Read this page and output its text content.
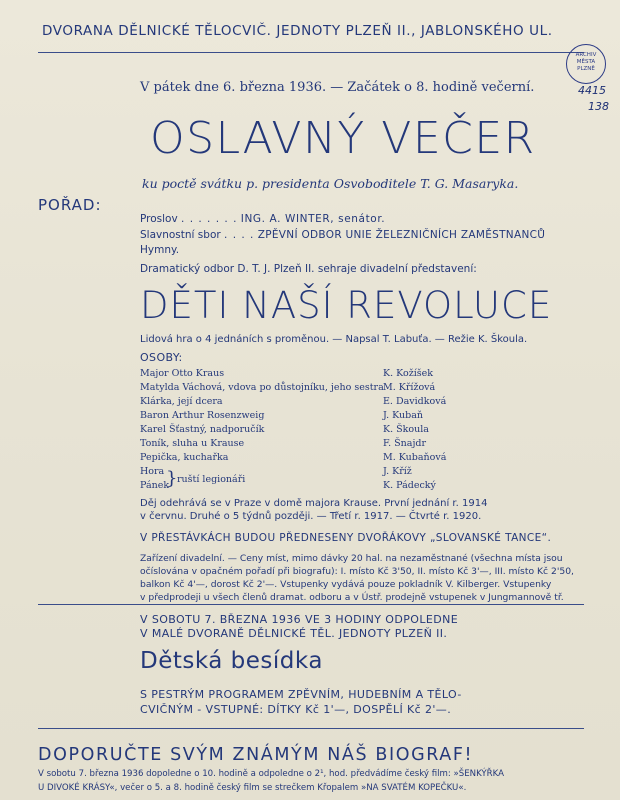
DVORANA DĚLNICKÉ TĚLOCVIČ. JEDNOTY PLZEŇ II., JABLONSKÉHO UL.
ARCHIV
MĚSTA
PLZNĚ
4415
138
V pátek dne 6. března 1936. — Začátek o 8. hodině večerní.
OSLAVNÝ VEČER
ku poctě svátku p. presidenta Osvoboditele T. G. Masaryka.
POŘAD:
Proslov . . . . . . . ING. A. WINTER, senátor.
Slavnostní sbor . . . . ZPĚVNÍ ODBOR UNIE ŽELEZNIČNÍCH ZAMĚSTNANCŮ
Hymny.
Dramatický odbor D. T. J. Plzeň II. sehraje divadelní představení:
DĚTI NAŠÍ REVOLUCE
Lidová hra o 4 jednáních s proměnou. — Napsal T. Labuťa. — Režie K. Škoula.
OSOBY:
Major Otto Kraus	K. Kožíšek
Matylda Váchová, vdova po důstojníku, jeho sestra M. Křížová
Klárka, její dcera	E. Davidková
Baron Arthur Rosenzweig	J. Kubaň
Karel Šťastný, nadporučík	K. Škoula
Toník, sluha u Krause	F. Šnajdr
Pepička, kuchařka	M. Kubaňová
Hora	J. Kříž
Pánek	K. Pádecký
} ruští legionáři
Děj odehrává se v Praze v domě majora Krause. První jednání r. 1914
v červnu. Druhé o 5 týdnů později. — Třetí r. 1917. — Čtvrté r. 1920.
V PŘESTÁVKÁCH BUDOU PŘEDNESENY DVOŘÁKOVY „SLOVANSKÉ TANCE“.
Zařízení divadelní. — Ceny míst, mimo dávky 20 hal. na nezaměstnané (všechna místa jsou
očíslována v opačném pořadí při biografu): I. místo Kč 3'50, II. místo Kč 3'—, III. místo Kč 2'50,
balkon Kč 4'—, dorost Kč 2'—. Vstupenky vydává pouze pokladník V. Kilberger. Vstupenky
v předprodeji u všech členů dramat. odboru a v Ústř. prodejně vstupenek v Jungmannově tř.
V SOBOTU 7. BŘEZNA 1936 VE 3 HODINY ODPOLEDNE
V MALÉ DVORANĚ DĚLNICKÉ TĚL. JEDNOTY PLZEŇ II.
Dětská besídka
S PESTRÝM PROGRAMEM ZPĚVNÍM, HUDEBNÍM A TĚLO-
CVIČNÝM - VSTUPNÉ: DÍTKY Kč 1'—, DOSPĚLÍ Kč 2'—.
DOPORUČTE SVÝM ZNÁMÝM NÁŠ BIOGRAF!
V sobotu 7. března 1936 dopoledne o 10. hodině a odpoledne o 2¹, hod. předvádíme český film: »ŠENKÝŘKA
U DIVOKÉ KRÁSY«, večer o 5. a 8. hodině český film se strečkem Křopalem »NA SVATÉM KOPEČKU«.
